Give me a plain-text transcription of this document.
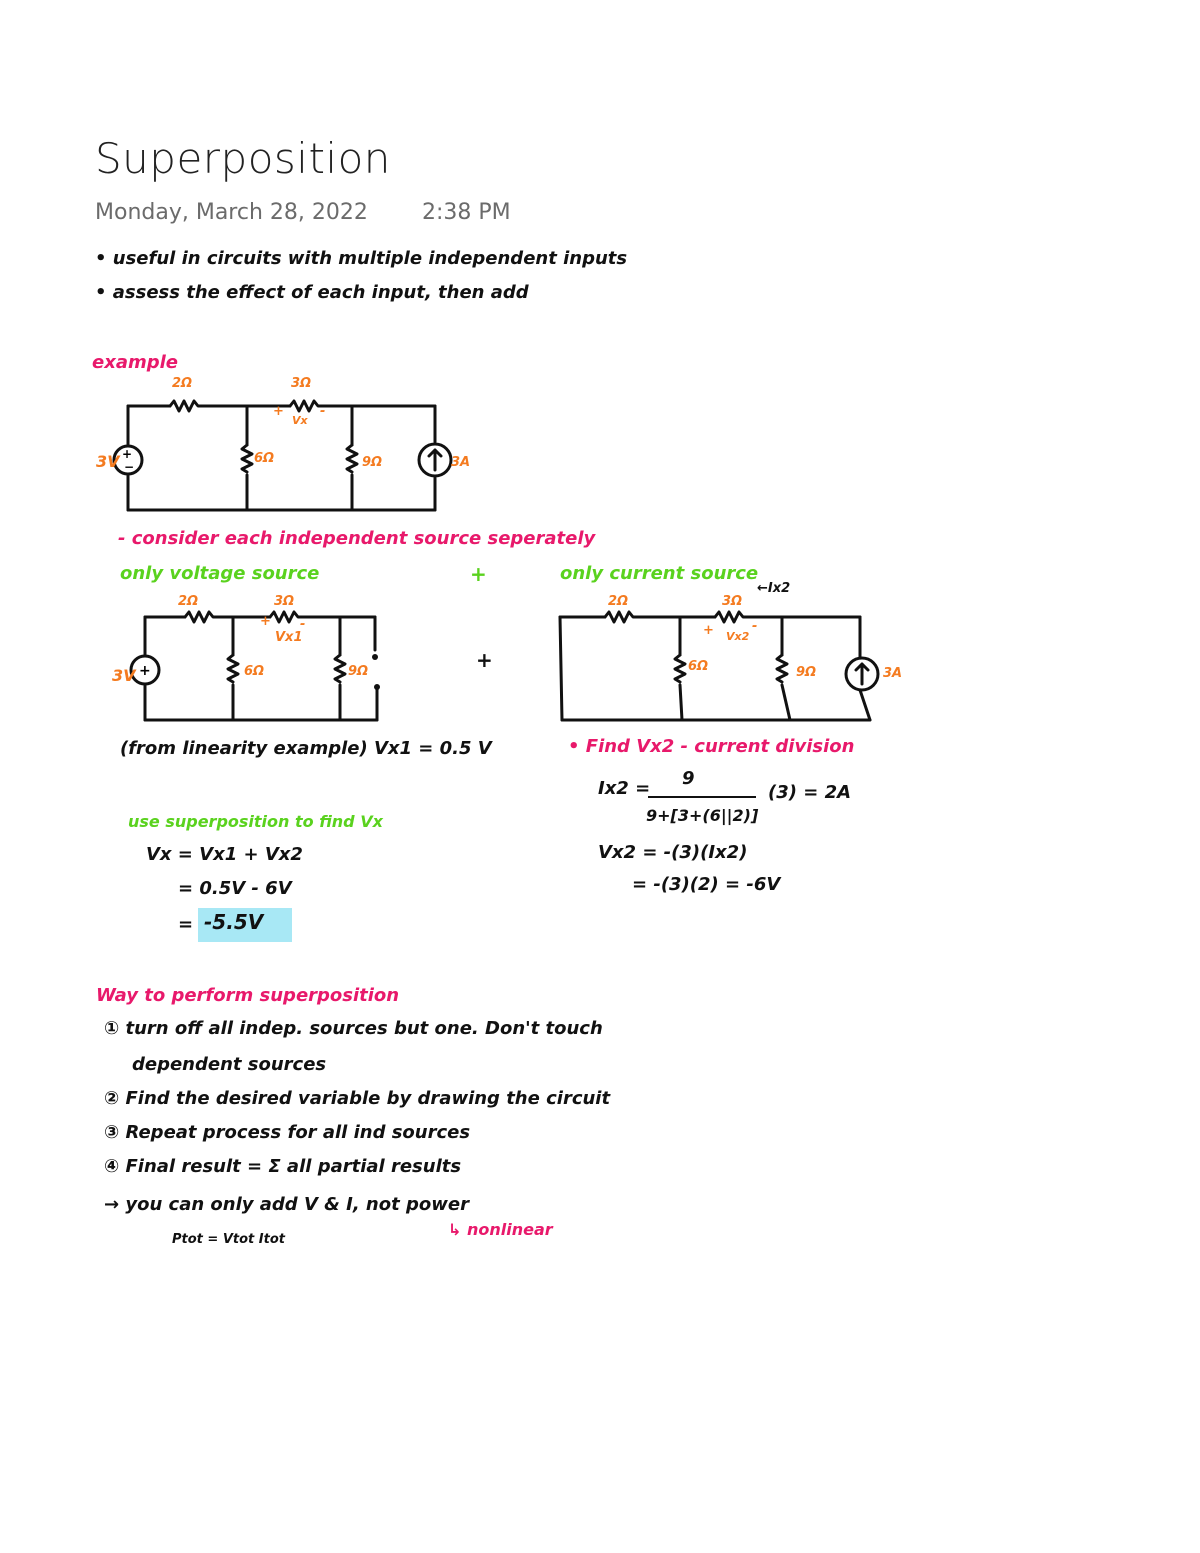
Superposition
Monday, March 28, 2022 2:38 PM
• useful in circuits with multiple independent inputs
• assess the effect of each input, then add
example
+
−
2Ω	3Ω
+
Vx
-
6Ω	9Ω
3V	3A
- consider each independent source seperately
only voltage source	+
+
2Ω	3Ω
+
Vx1
-
6Ω	9Ω
3V
(from linearity example) Vx1 = 0.5 V
+
only current source
←Ix2
2Ω	3Ω
+ Vx2
-
6Ω	9Ω	3A
• Find Vx2 - current division
Ix2 = 9
9+[3+(6||2)]
(3) = 2A
Vx2 = -(3)(Ix2)
= -(3)(2) = -6V
use superposition to find Vx
Vx = Vx1 + Vx2
= 0.5V - 6V
= -5.5V
Way to perform superposition
① turn off all indep. sources but one. Don't touch
dependent sources
② Find the desired variable by drawing the circuit
③ Repeat process for all ind sources
④ Final result = Σ all partial results
→ you can only add V & I, not power
Ptot = Vtot Itot
↳ nonlinear
